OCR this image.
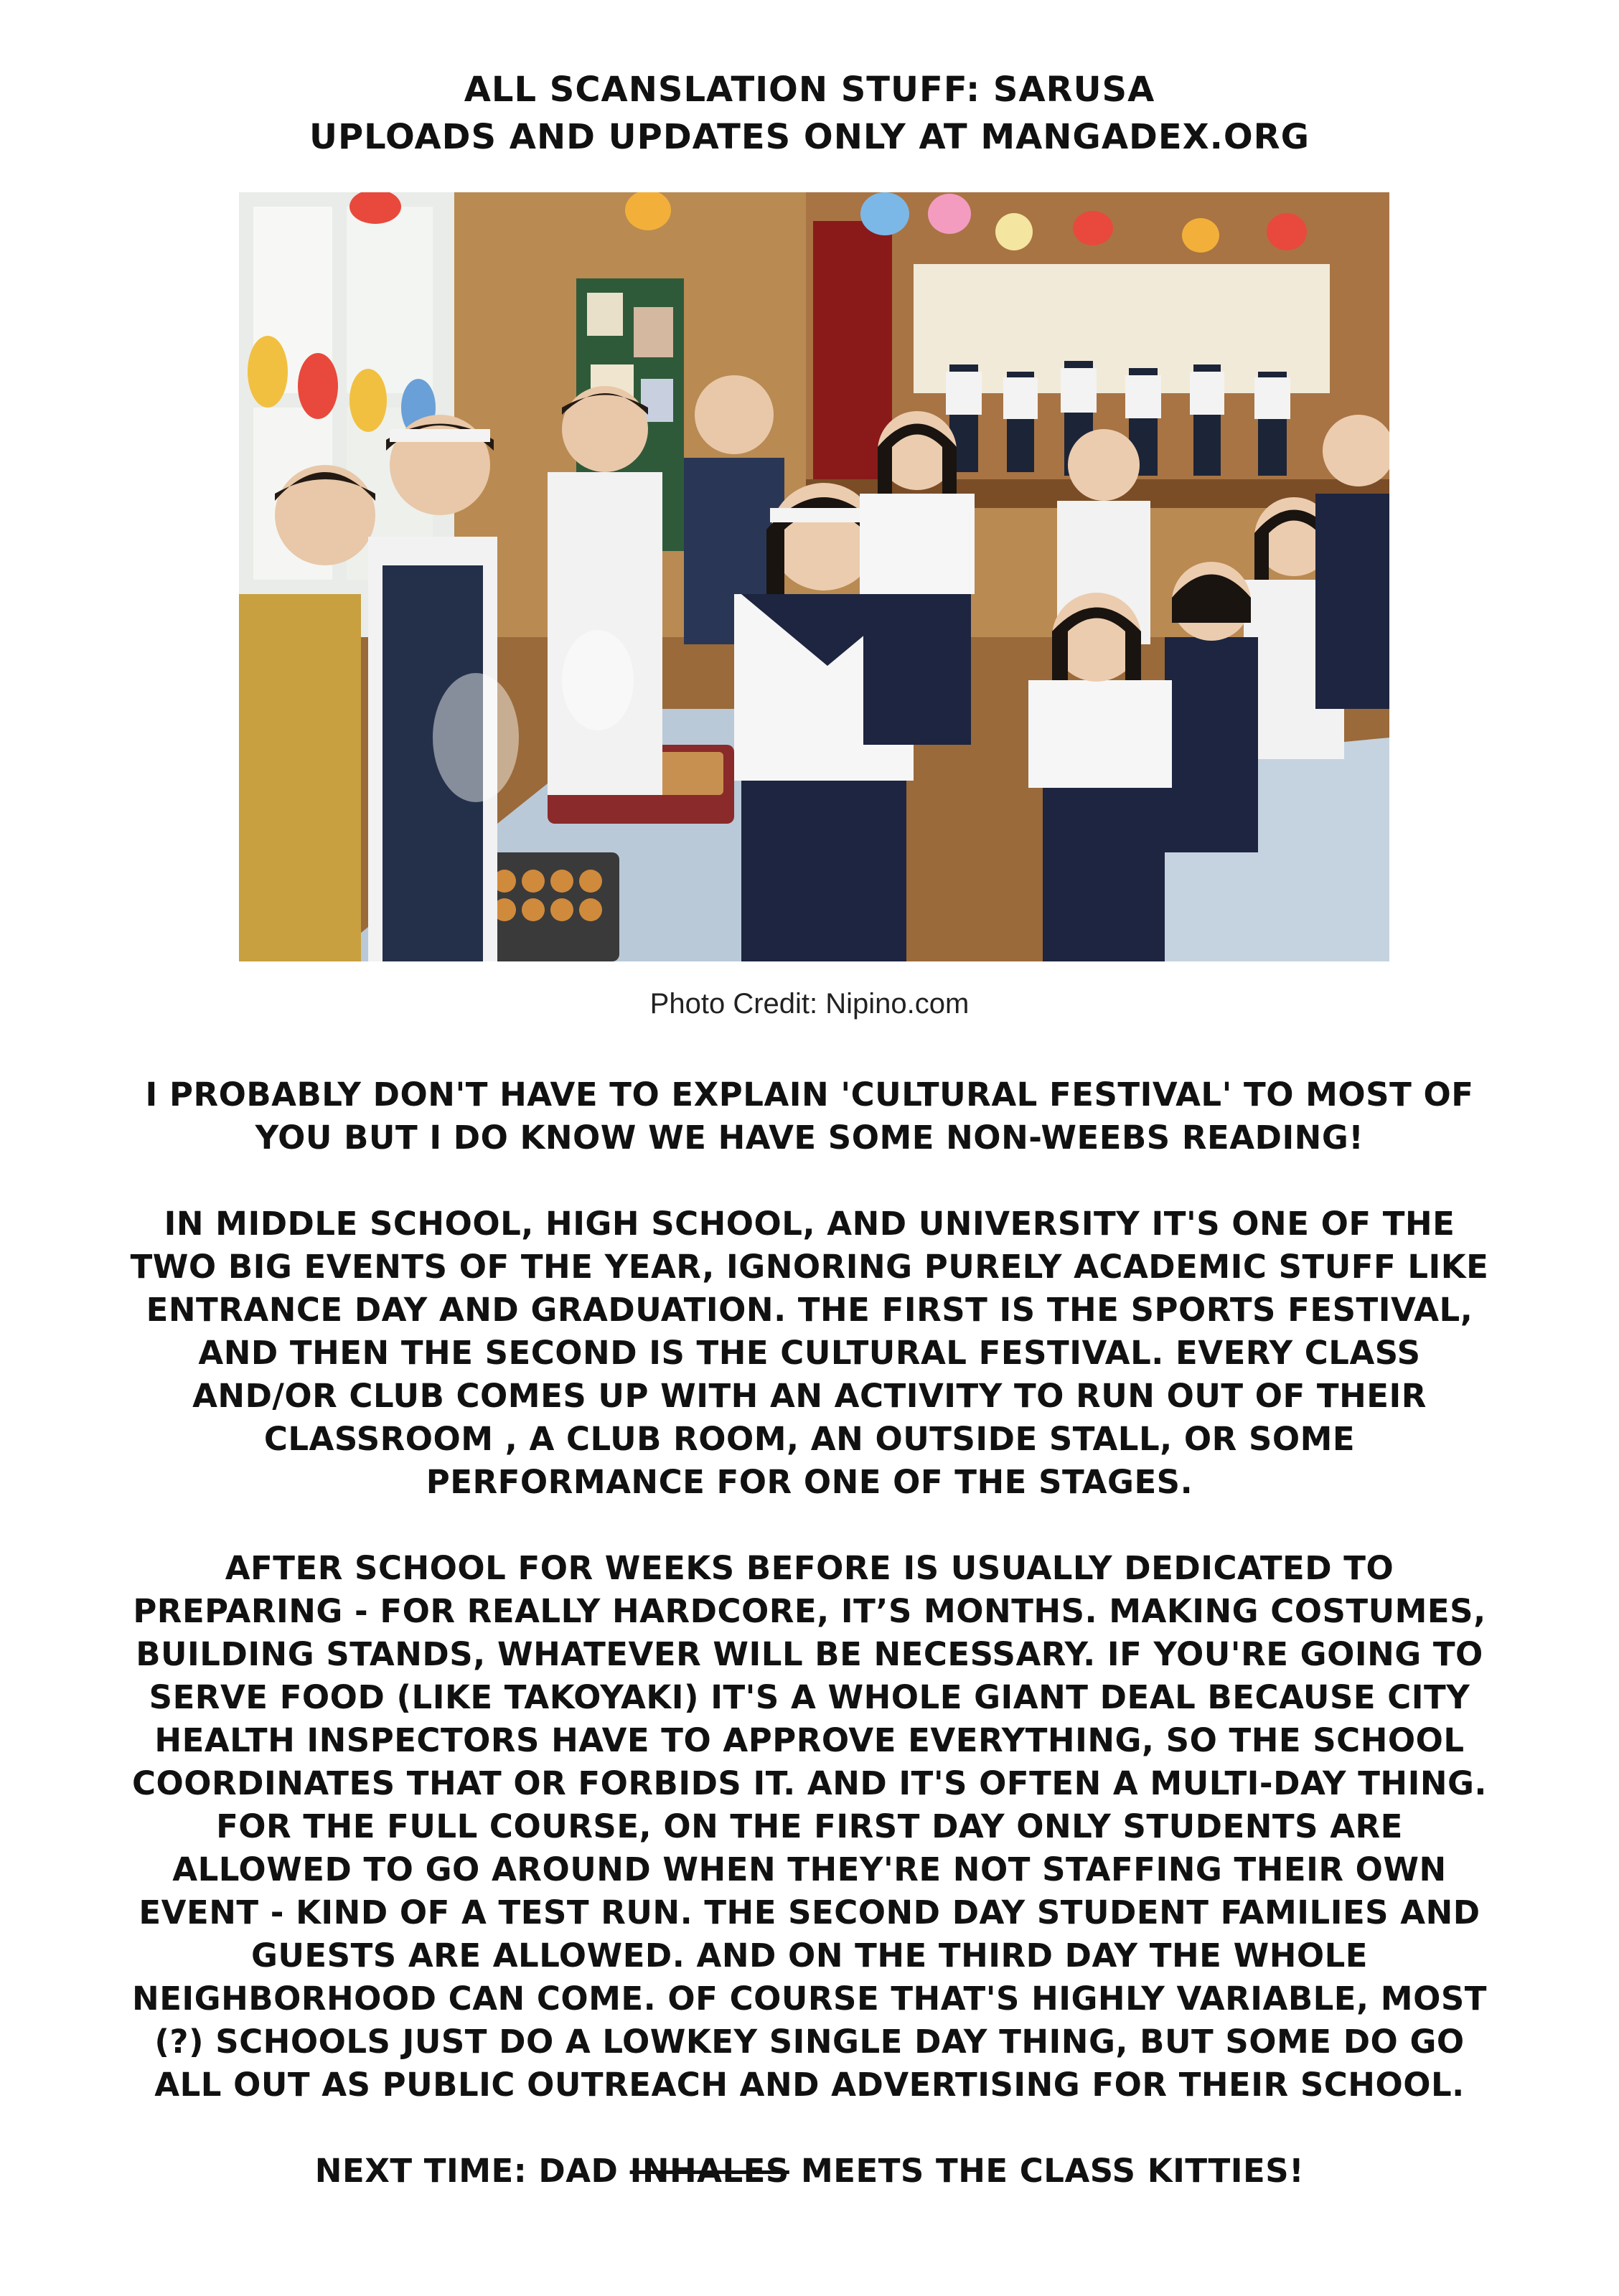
ALL SCANSLATION STUFF: SARUSA
UPLOADS AND UPDATES ONLY AT MANGADEX.ORG
Photo Credit: Nipino.com

I PROBABLY DON'T HAVE TO EXPLAIN 'CULTURAL FESTIVAL' TO MOST OF YOU BUT I DO KNOW WE HAVE SOME NON-WEEBS READING!

IN MIDDLE SCHOOL, HIGH SCHOOL, AND UNIVERSITY IT'S ONE OF THE TWO BIG EVENTS OF THE YEAR, IGNORING PURELY ACADEMIC STUFF LIKE ENTRANCE DAY AND GRADUATION. THE FIRST IS THE SPORTS FESTIVAL, AND THEN THE SECOND IS THE CULTURAL FESTIVAL. EVERY CLASS AND/OR CLUB COMES UP WITH AN ACTIVITY TO RUN OUT OF THEIR CLASSROOM , A CLUB ROOM, AN OUTSIDE STALL, OR SOME PERFORMANCE FOR ONE OF THE STAGES.

AFTER SCHOOL FOR WEEKS BEFORE IS USUALLY DEDICATED TO PREPARING - FOR REALLY HARDCORE, IT’S MONTHS. MAKING COSTUMES, BUILDING STANDS, WHATEVER WILL BE NECESSARY. IF YOU'RE GOING TO SERVE FOOD (LIKE TAKOYAKI) IT'S A WHOLE GIANT DEAL BECAUSE CITY HEALTH INSPECTORS HAVE TO APPROVE EVERYTHING, SO THE SCHOOL COORDINATES THAT OR FORBIDS IT. AND IT'S OFTEN A MULTI-DAY THING. FOR THE FULL COURSE, ON THE FIRST DAY ONLY STUDENTS ARE ALLOWED TO GO AROUND WHEN THEY'RE NOT STAFFING THEIR OWN EVENT - KIND OF A TEST RUN. THE SECOND DAY STUDENT FAMILIES AND GUESTS ARE ALLOWED. AND ON THE THIRD DAY THE WHOLE NEIGHBORHOOD CAN COME. OF COURSE THAT'S HIGHLY VARIABLE, MOST (?) SCHOOLS JUST DO A LOWKEY SINGLE DAY THING, BUT SOME DO GO ALL OUT AS PUBLIC OUTREACH AND ADVERTISING FOR THEIR SCHOOL.

NEXT TIME: DAD INHALES MEETS THE CLASS KITTIES!
